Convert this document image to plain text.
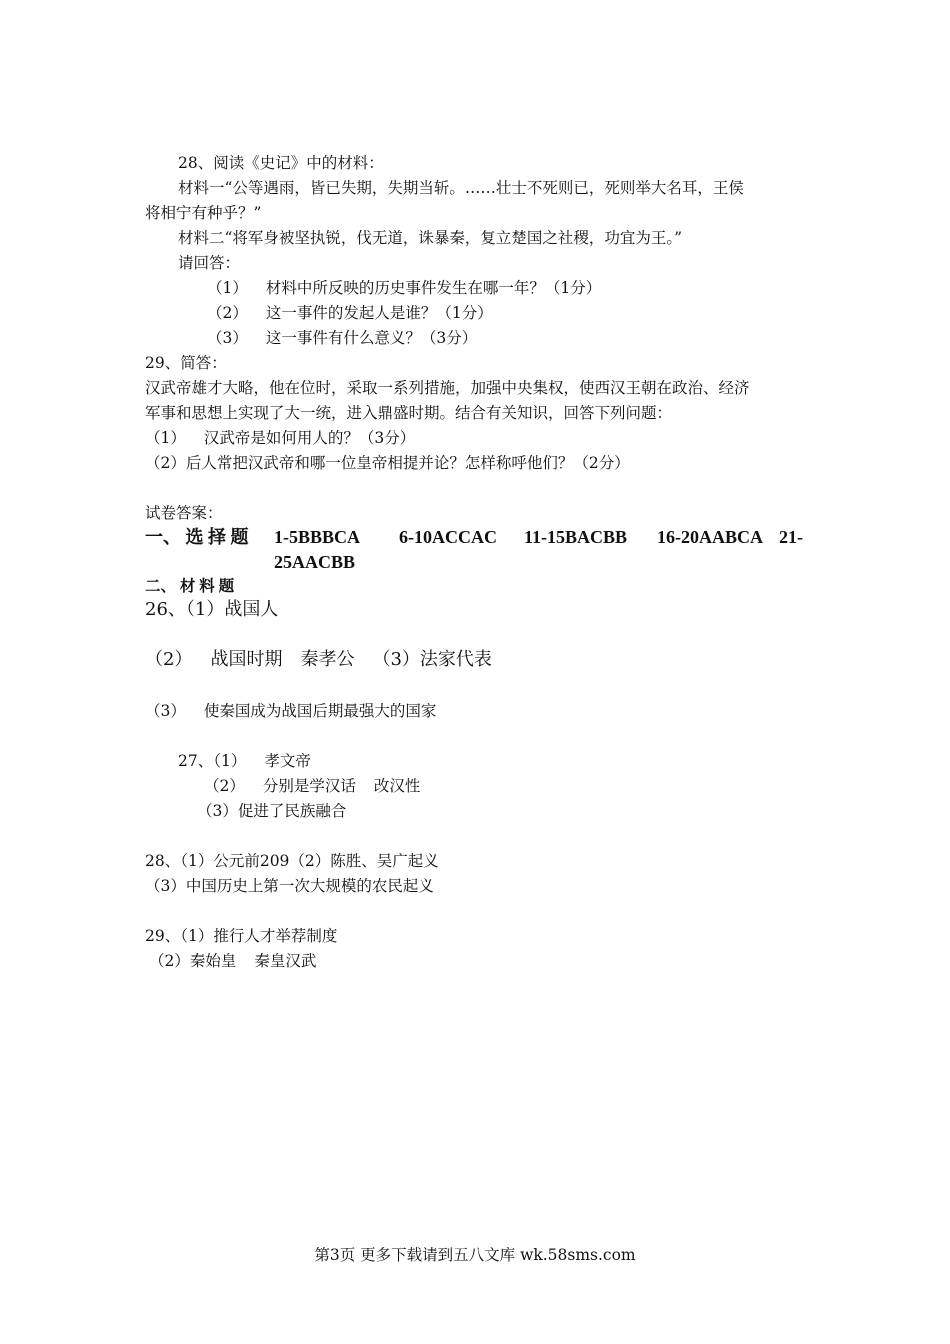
28、阅读《史记》中的材料：
材料一“公等遇雨，皆已失期，失期当斩。……壮士不死则已，死则举大名耳，王侯
将相宁有种乎？”
材料二“将军身被坚执锐，伐无道，诛暴秦，复立楚国之社稷，功宜为王。”
请回答：
（1） 材料中所反映的历史事件发生在哪一年？（1分）
（2） 这一事件的发起人是谁？（1分）
（3） 这一事件有什么意义？（3分）
29、简答：
汉武帝雄才大略，他在位时，采取一系列措施，加强中央集权，使西汉王朝在政治、经济
军事和思想上实现了大一统，进入鼎盛时期。结合有关知识，回答下列问题：
（1） 汉武帝是如何用人的？（3分）
（2）后人常把汉武帝和哪一位皇帝相提并论？怎样称呼他们？（2分）
试卷答案：
一、 选 择 题 1-5BBBCA 6-10ACCAC 11-15BACBB 16-20AABCA 21-
25AACBB
二、 材 料 题
26、（1）战国人
（2） 战国时期 秦孝公 （3）法家代表
（3） 使秦国成为战国后期最强大的国家
27、（1） 孝文帝
（2） 分别是学汉话 改汉性
（3）促进了民族融合
28、（1）公元前209（2）陈胜、吴广起义
（3）中国历史上第一次大规模的农民起义
29、（1）推行人才举荐制度
（2）秦始皇 秦皇汉武
第3页 更多下载请到五八文库 wk.58sms.com
